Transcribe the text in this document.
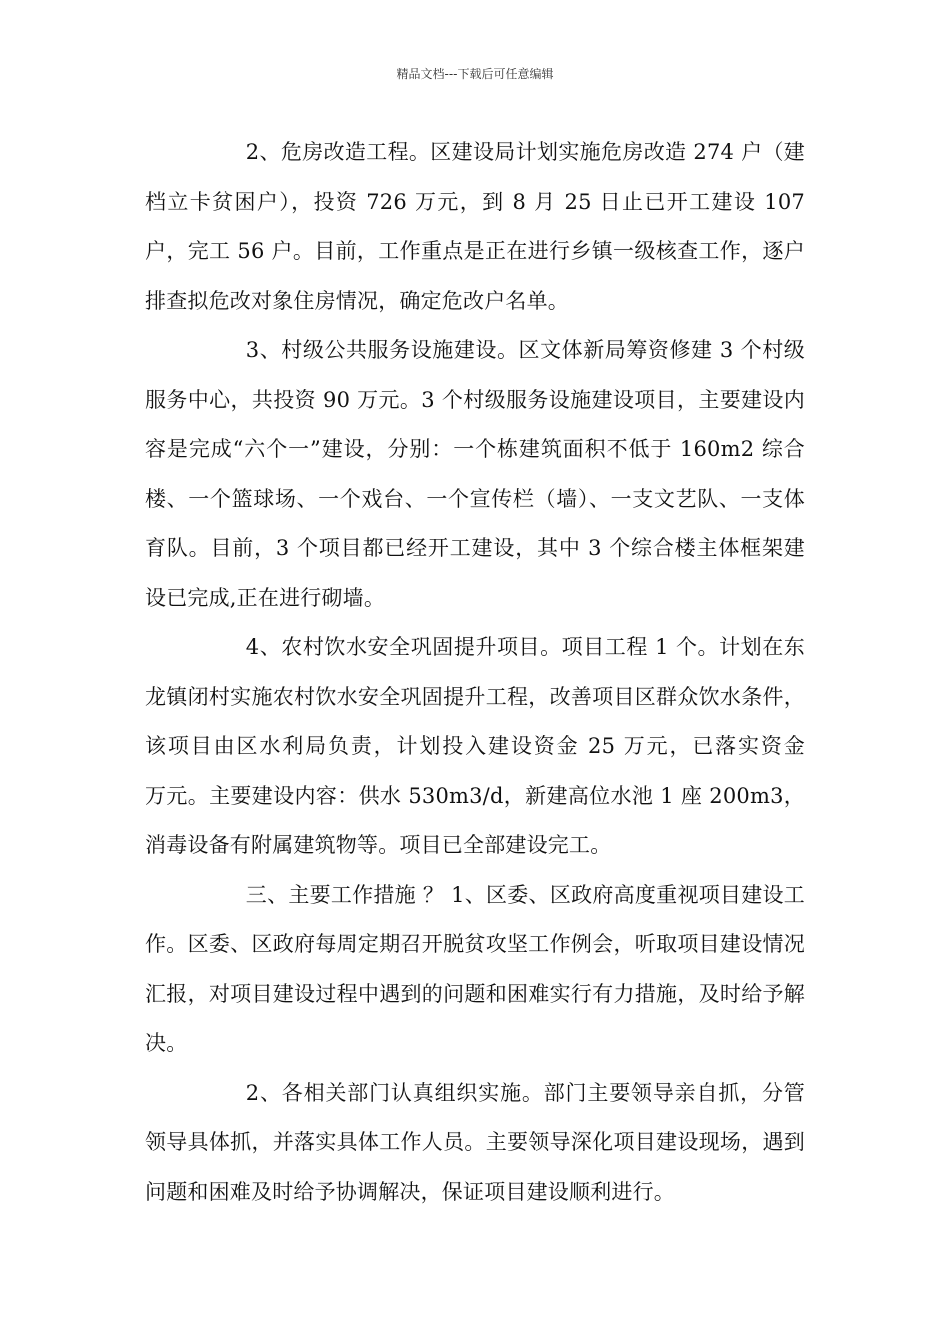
精品文档---下载后可任意编辑

2、危房改造工程。区建设局计划实施危房改造 274 户（建档立卡贫困户），投资 726 万元，到 8 月 25 日止已开工建设 107 户，完工 56 户。目前，工作重点是正在进行乡镇一级核查工作，逐户排查拟危改对象住房情况，确定危改户名单。

3、村级公共服务设施建设。区文体新局筹资修建 3 个村级服务中心，共投资 90 万元。3 个村级服务设施建设项目，主要建设内容是完成“六个一”建设，分别：一个栋建筑面积不低于 160m2 综合楼、一个篮球场、一个戏台、一个宣传栏（墙）、一支文艺队、一支体育队。目前，3 个项目都已经开工建设，其中 3 个综合楼主体框架建设已完成,正在进行砌墙。

4、农村饮水安全巩固提升项目。项目工程 1 个。计划在东龙镇闭村实施农村饮水安全巩固提升工程，改善项目区群众饮水条件，该项目由区水利局负责，计划投入建设资金 25 万元，已落实资金　 万元。主要建设内容：供水 530m3/d，新建高位水池 1 座 200m3，消毒设备有附属建筑物等。项目已全部建设完工。

三、主要工作措施 ？ 1、区委、区政府高度重视项目建设工作。区委、区政府每周定期召开脱贫攻坚工作例会，听取项目建设情况汇报，对项目建设过程中遇到的问题和困难实行有力措施，及时给予解决。

2、各相关部门认真组织实施。部门主要领导亲自抓，分管领导具体抓，并落实具体工作人员。主要领导深化项目建设现场，遇到问题和困难及时给予协调解决，保证项目建设顺利进行。
